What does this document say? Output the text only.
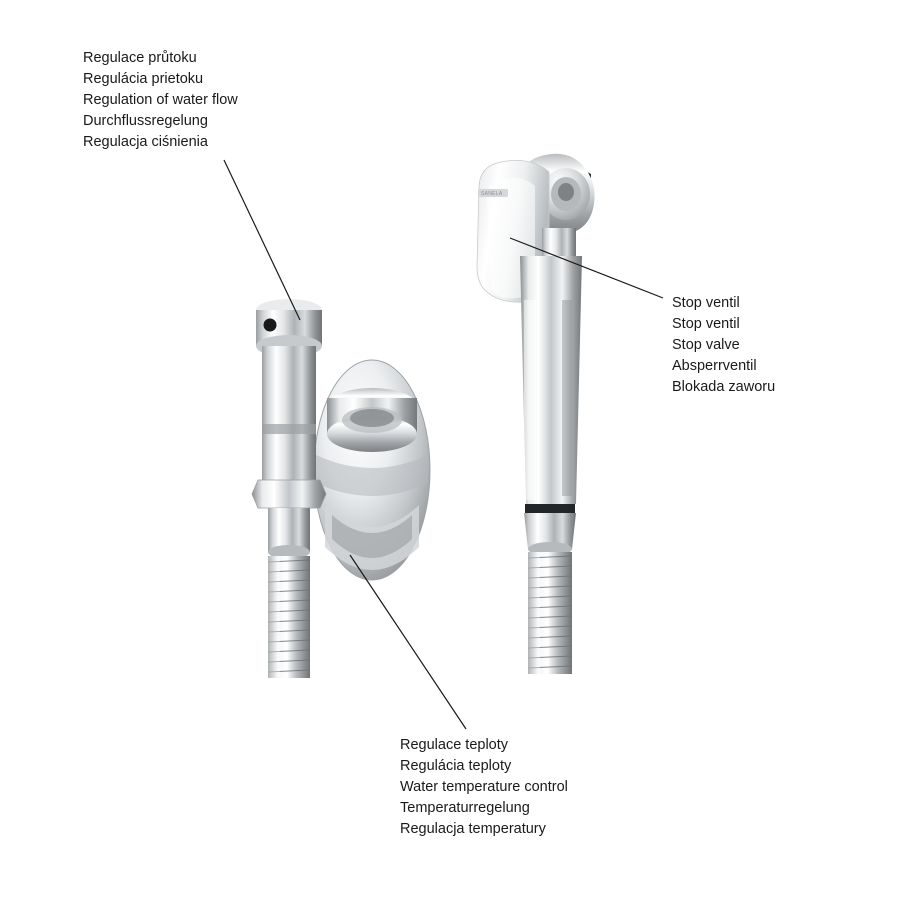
SANELA
Regulace průtoku
Regulácia prietoku
Regulation of water flow
Durchflussregelung
Regulacja ciśnienia
Stop ventil
Stop ventil
Stop valve
Absperrventil
Blokada zaworu
Regulace teploty
Regulácia teploty
Water temperature control
Temperaturregelung
Regulacja temperatury
